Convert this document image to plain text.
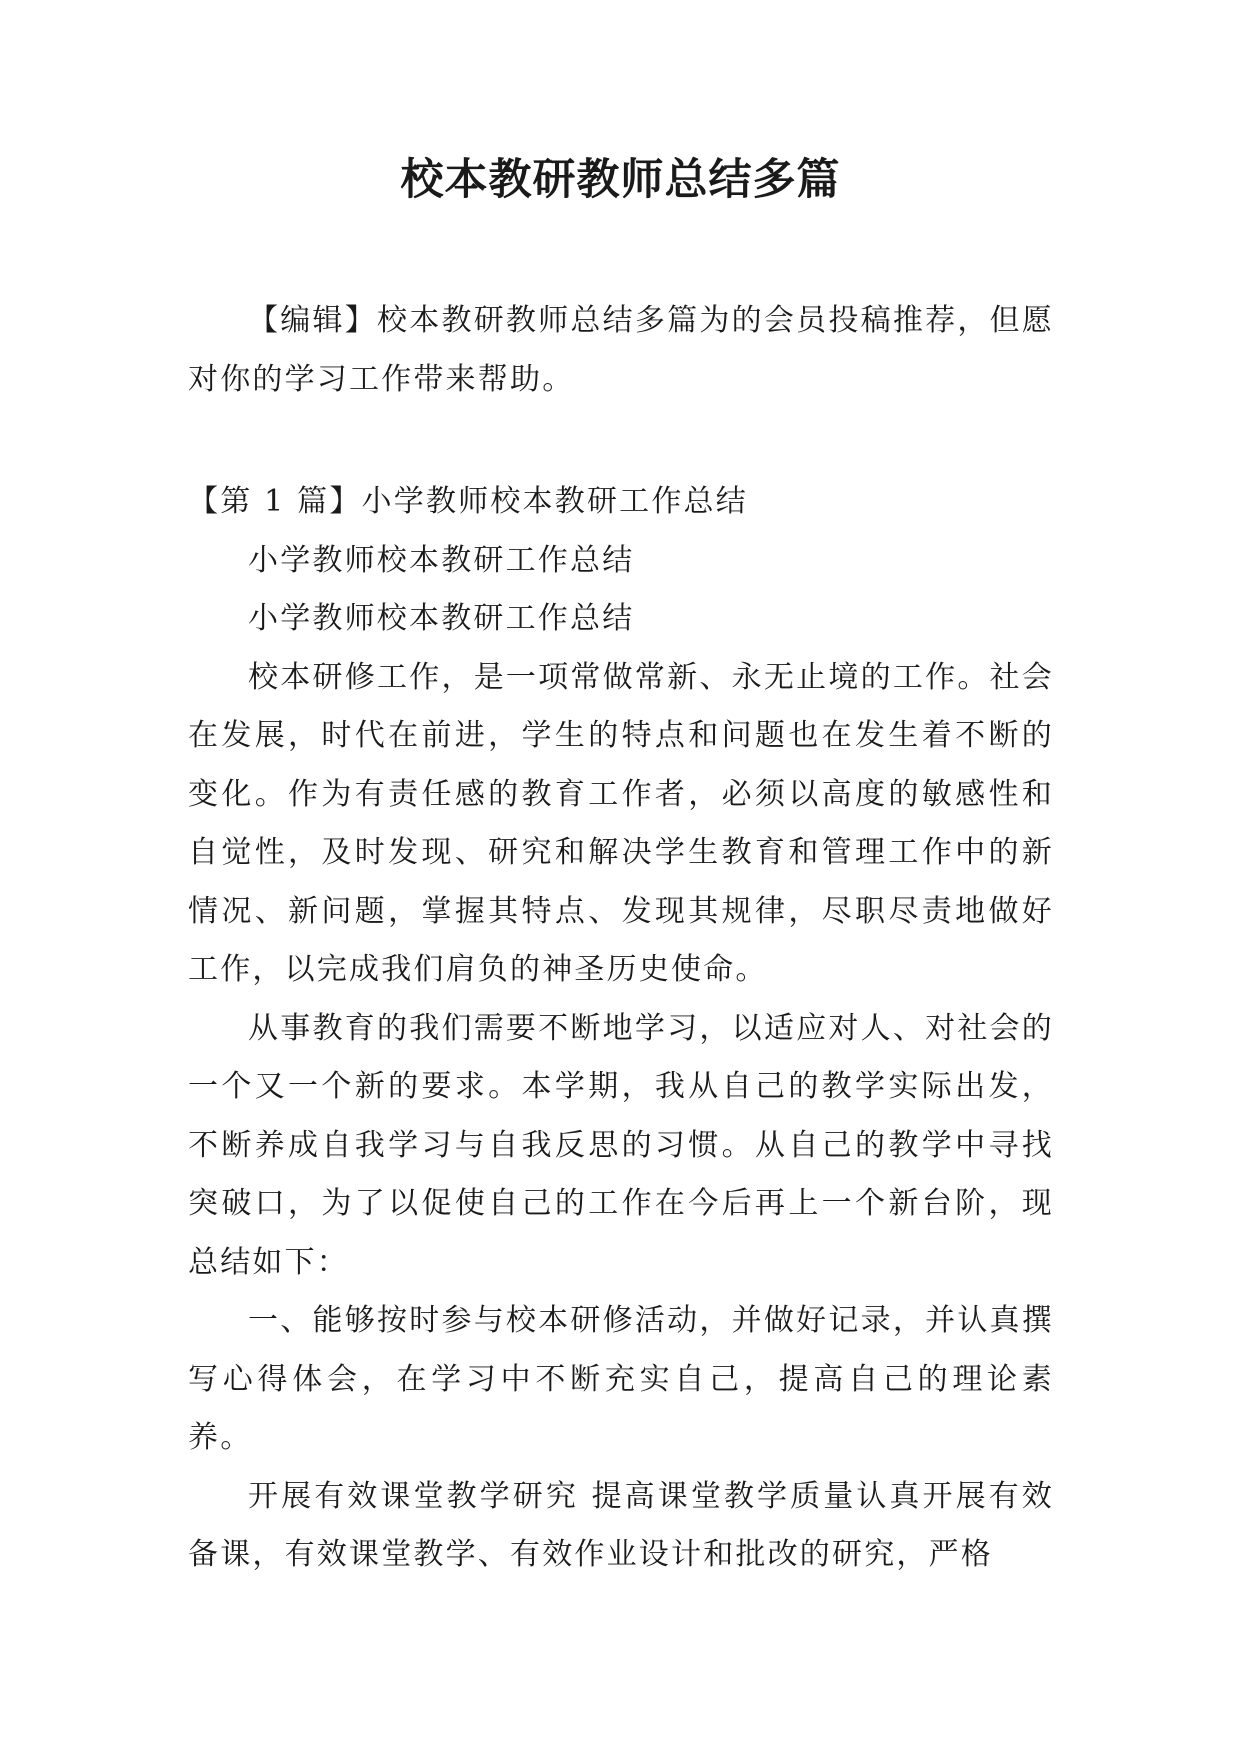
校本教研教师总结多篇

【编辑】校本教研教师总结多篇为的会员投稿推荐，但愿对你的学习工作带来帮助。

【第 1 篇】小学教师校本教研工作总结

小学教师校本教研工作总结

小学教师校本教研工作总结

校本研修工作，是一项常做常新、永无止境的工作。社会在发展，时代在前进，学生的特点和问题也在发生着不断的变化。作为有责任感的教育工作者，必须以高度的敏感性和自觉性，及时发现、研究和解决学生教育和管理工作中的新情况、新问题，掌握其特点、发现其规律，尽职尽责地做好工作，以完成我们肩负的神圣历史使命。

从事教育的我们需要不断地学习，以适应对人、对社会的一个又一个新的要求。本学期，我从自己的教学实际出发，不断养成自我学习与自我反思的习惯。从自己的教学中寻找突破口，为了以促使自己的工作在今后再上一个新台阶，现总结如下：

一、能够按时参与校本研修活动，并做好记录，并认真撰写心得体会，在学习中不断充实自己，提高自己的理论素养。

开展有效课堂教学研究 提高课堂教学质量认真开展有效备课，有效课堂教学、有效作业设计和批改的研究，严格
